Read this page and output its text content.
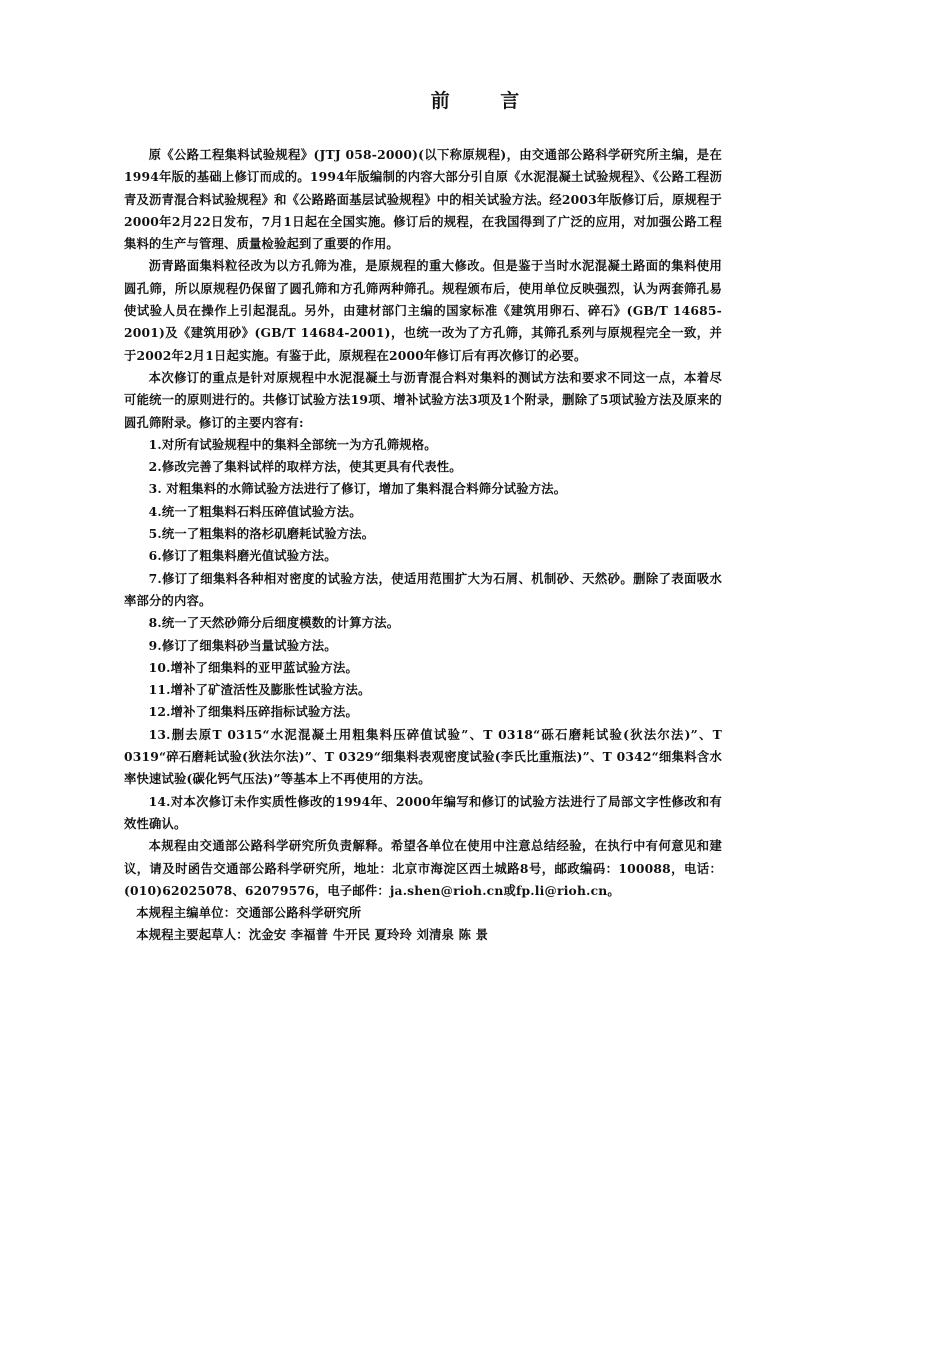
前 言

原《公路工程集料试验规程》(JTJ 058-2000)(以下称原规程)，由交通部公路科学研究所主编，是在1994年版的基础上修订而成的。1994年版编制的内容大部分引自原《水泥混凝土试验规程》、《公路工程沥青及沥青混合料试验规程》和《公路路面基层试验规程》中的相关试验方法。经2003年版修订后，原规程于2000年2月22日发布，7月1日起在全国实施。修订后的规程，在我国得到了广泛的应用，对加强公路工程集料的生产与管理、质量检验起到了重要的作用。

沥青路面集料粒径改为以方孔筛为准，是原规程的重大修改。但是鉴于当时水泥混凝土路面的集料使用圆孔筛，所以原规程仍保留了圆孔筛和方孔筛两种筛孔。规程颁布后，使用单位反映强烈，认为两套筛孔易使试验人员在操作上引起混乱。另外，由建材部门主编的国家标准《建筑用卵石、碎石》(GB/T 14685-2001)及《建筑用砂》(GB/T 14684-2001)，也统一改为了方孔筛，其筛孔系列与原规程完全一致，并于2002年2月1日起实施。有鉴于此，原规程在2000年修订后有再次修订的必要。

本次修订的重点是针对原规程中水泥混凝土与沥青混合料对集料的测试方法和要求不同这一点，本着尽可能统一的原则进行的。共修订试验方法19项、增补试验方法3项及1个附录，删除了5项试验方法及原来的圆孔筛附录。修订的主要内容有:

1.对所有试验规程中的集料全部统一为方孔筛规格。

2.修改完善了集料试样的取样方法，使其更具有代表性。

3. 对粗集料的水筛试验方法进行了修订，增加了集料混合料筛分试验方法。

4.统一了粗集料石料压碎值试验方法。

5.统一了粗集料的洛杉矶磨耗试验方法。

6.修订了粗集料磨光值试验方法。

7.修订了细集料各种相对密度的试验方法，使适用范围扩大为石屑、机制砂、天然砂。删除了表面吸水率部分的内容。

8.统一了天然砂筛分后细度模数的计算方法。

9.修订了细集料砂当量试验方法。

10.增补了细集料的亚甲蓝试验方法。

11.增补了矿渣活性及膨胀性试验方法。

12.增补了细集料压碎指标试验方法。

13.删去原T 0315“水泥混凝土用粗集料压碎值试验”、T 0318“砾石磨耗试验(狄法尔法)”、T 0319“碎石磨耗试验(狄法尔法)”、T 0329“细集料表观密度试验(李氏比重瓶法)”、T 0342“细集料含水率快速试验(碳化钙气压法)”等基本上不再使用的方法。

14.对本次修订未作实质性修改的1994年、2000年编写和修订的试验方法进行了局部文字性修改和有效性确认。

本规程由交通部公路科学研究所负责解释。希望各单位在使用中注意总结经验，在执行中有何意见和建议，请及时函告交通部公路科学研究所，地址：北京市海淀区西土城路8号，邮政编码：100088，电话：(010)62025078、62079576，电子邮件：ja.shen@rioh.cn或fp.li@rioh.cn。

本规程主编单位：交通部公路科学研究所

本规程主要起草人：沈金安 李福普 牛开民 夏玲玲 刘清泉 陈 景
